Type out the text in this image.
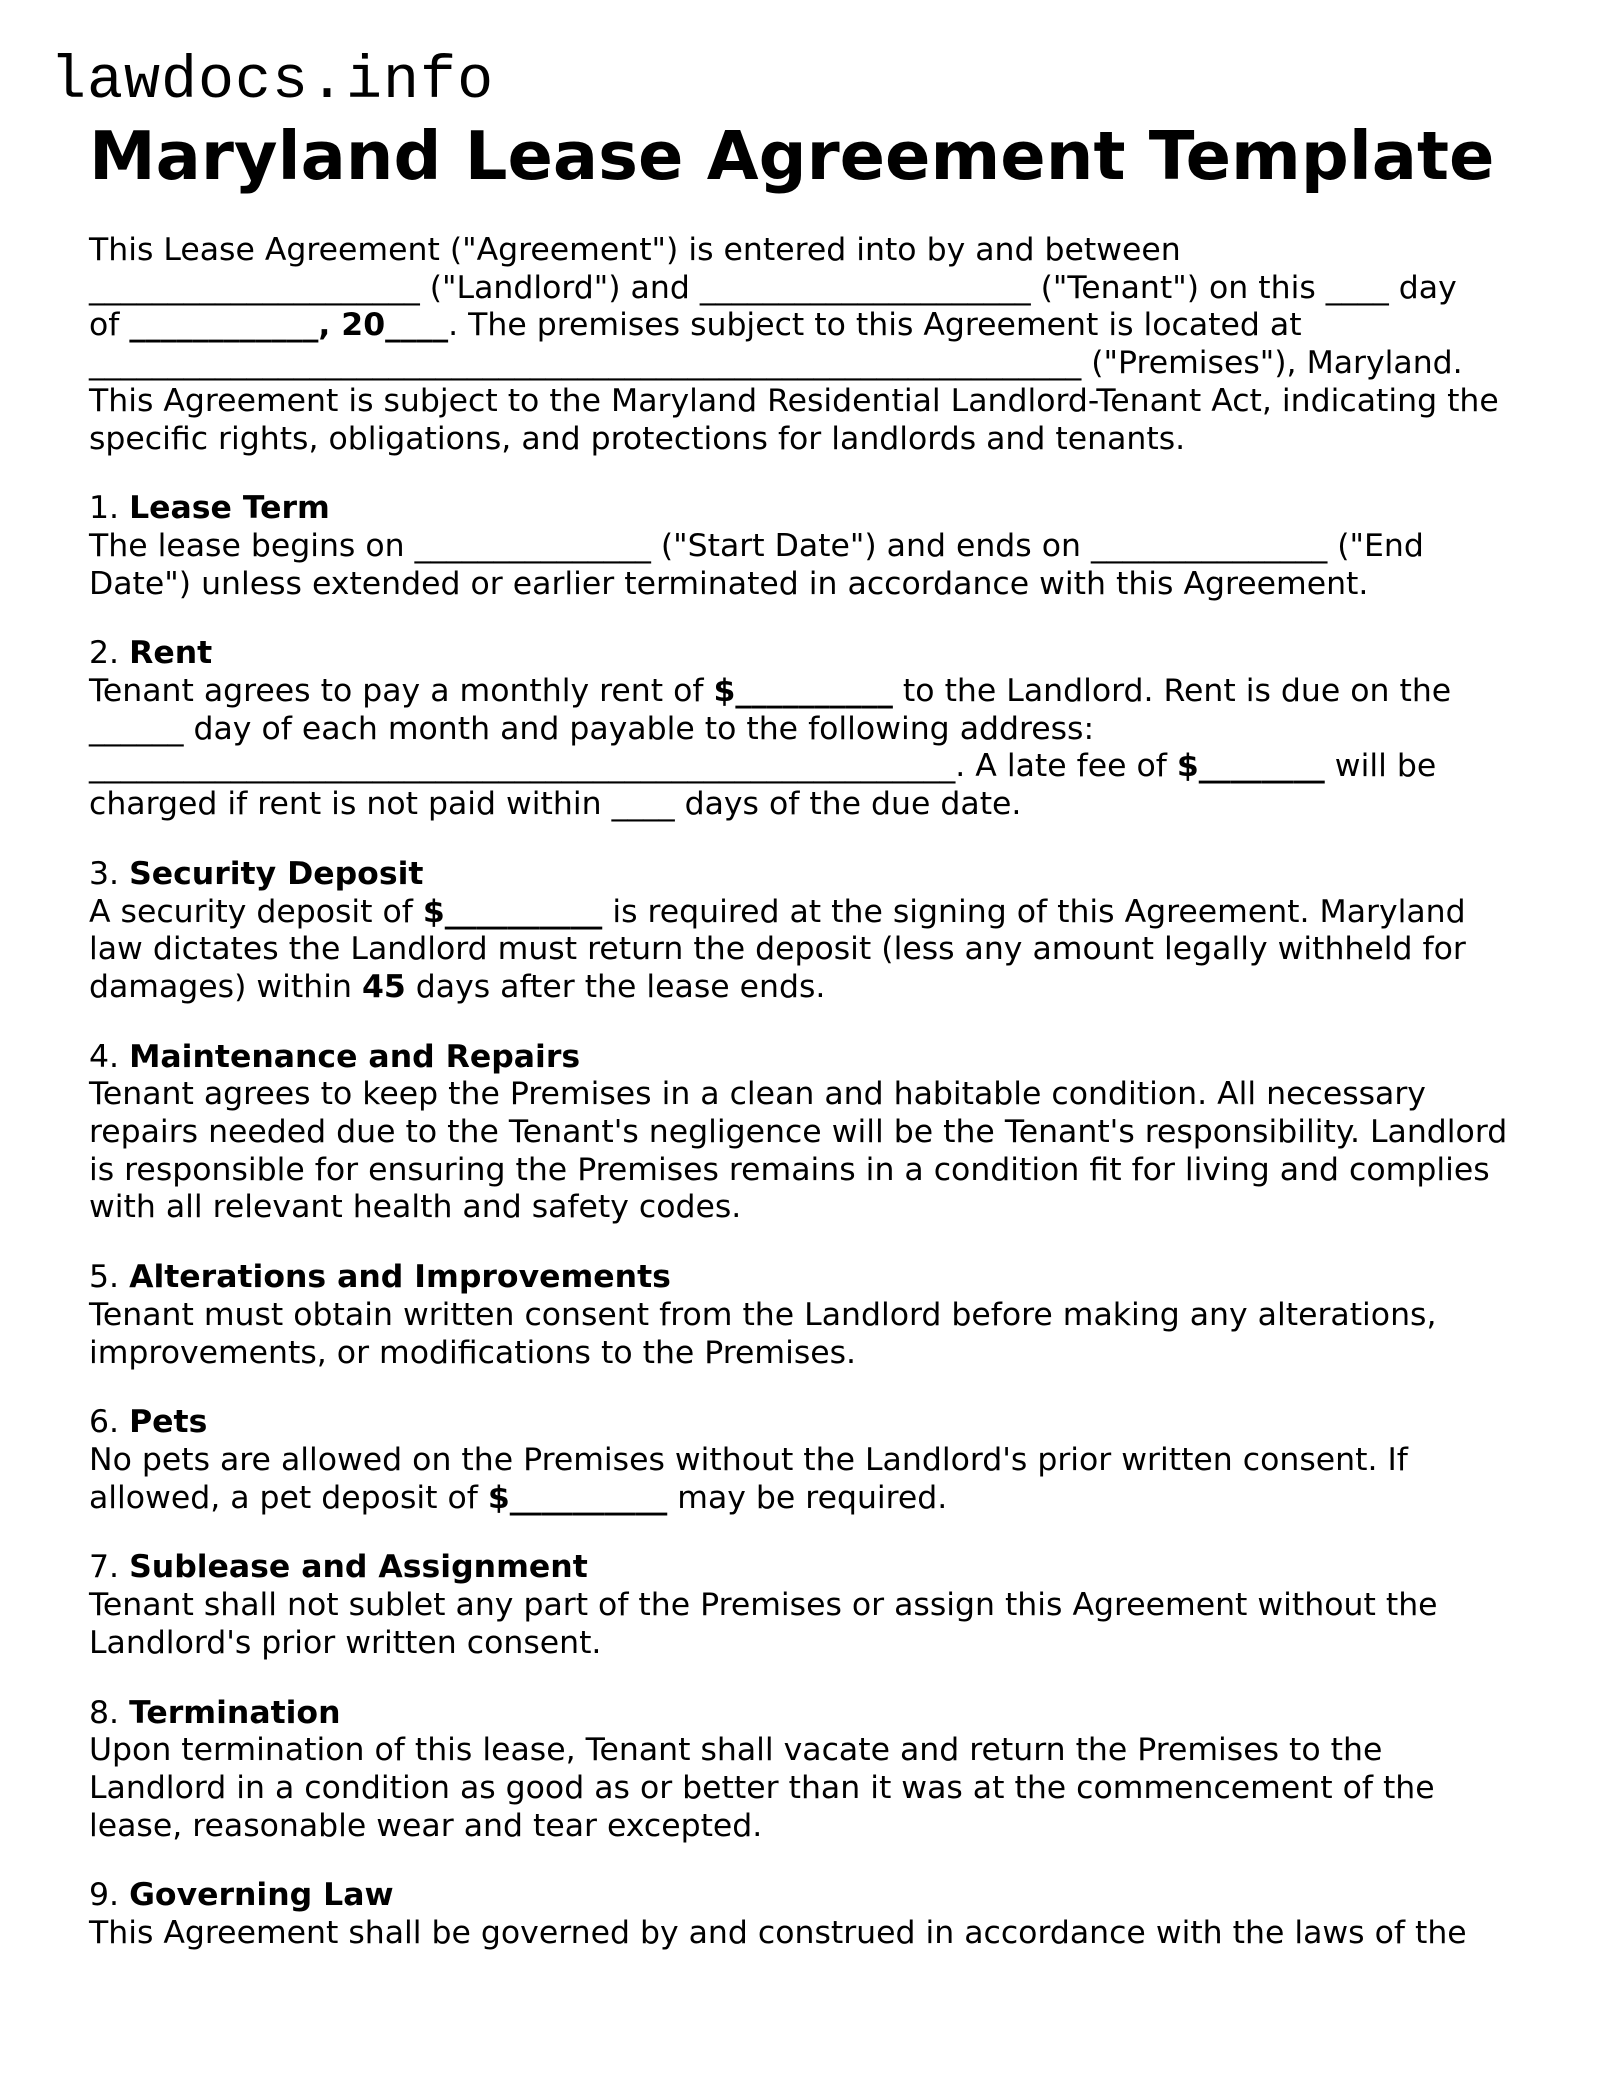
lawdocs.info
Maryland Lease Agreement Template

This Lease Agreement ("Agreement") is entered into by and between
_____________________ ("Landlord") and _____________________ ("Tenant") on this ____ day
of ____________, 20____. The premises subject to this Agreement is located at
_______________________________________________________________ ("Premises"), Maryland.
This Agreement is subject to the Maryland Residential Landlord-Tenant Act, indicating the
specific rights, obligations, and protections for landlords and tenants.

1. Lease Term

The lease begins on _______________ ("Start Date") and ends on _______________ ("End
Date") unless extended or earlier terminated in accordance with this Agreement.

2. Rent

Tenant agrees to pay a monthly rent of $__________ to the Landlord. Rent is due on the
______ day of each month and payable to the following address:
_______________________________________________________. A late fee of $________ will be
charged if rent is not paid within ____ days of the due date.

3. Security Deposit

A security deposit of $__________ is required at the signing of this Agreement. Maryland
law dictates the Landlord must return the deposit (less any amount legally withheld for
damages) within 45 days after the lease ends.

4. Maintenance and Repairs

Tenant agrees to keep the Premises in a clean and habitable condition. All necessary
repairs needed due to the Tenant's negligence will be the Tenant's responsibility. Landlord
is responsible for ensuring the Premises remains in a condition fit for living and complies
with all relevant health and safety codes.

5. Alterations and Improvements

Tenant must obtain written consent from the Landlord before making any alterations,
improvements, or modifications to the Premises.

6. Pets

No pets are allowed on the Premises without the Landlord's prior written consent. If
allowed, a pet deposit of $__________ may be required.

7. Sublease and Assignment

Tenant shall not sublet any part of the Premises or assign this Agreement without the
Landlord's prior written consent.

8. Termination

Upon termination of this lease, Tenant shall vacate and return the Premises to the
Landlord in a condition as good as or better than it was at the commencement of the
lease, reasonable wear and tear excepted.

9. Governing Law

This Agreement shall be governed by and construed in accordance with the laws of the
